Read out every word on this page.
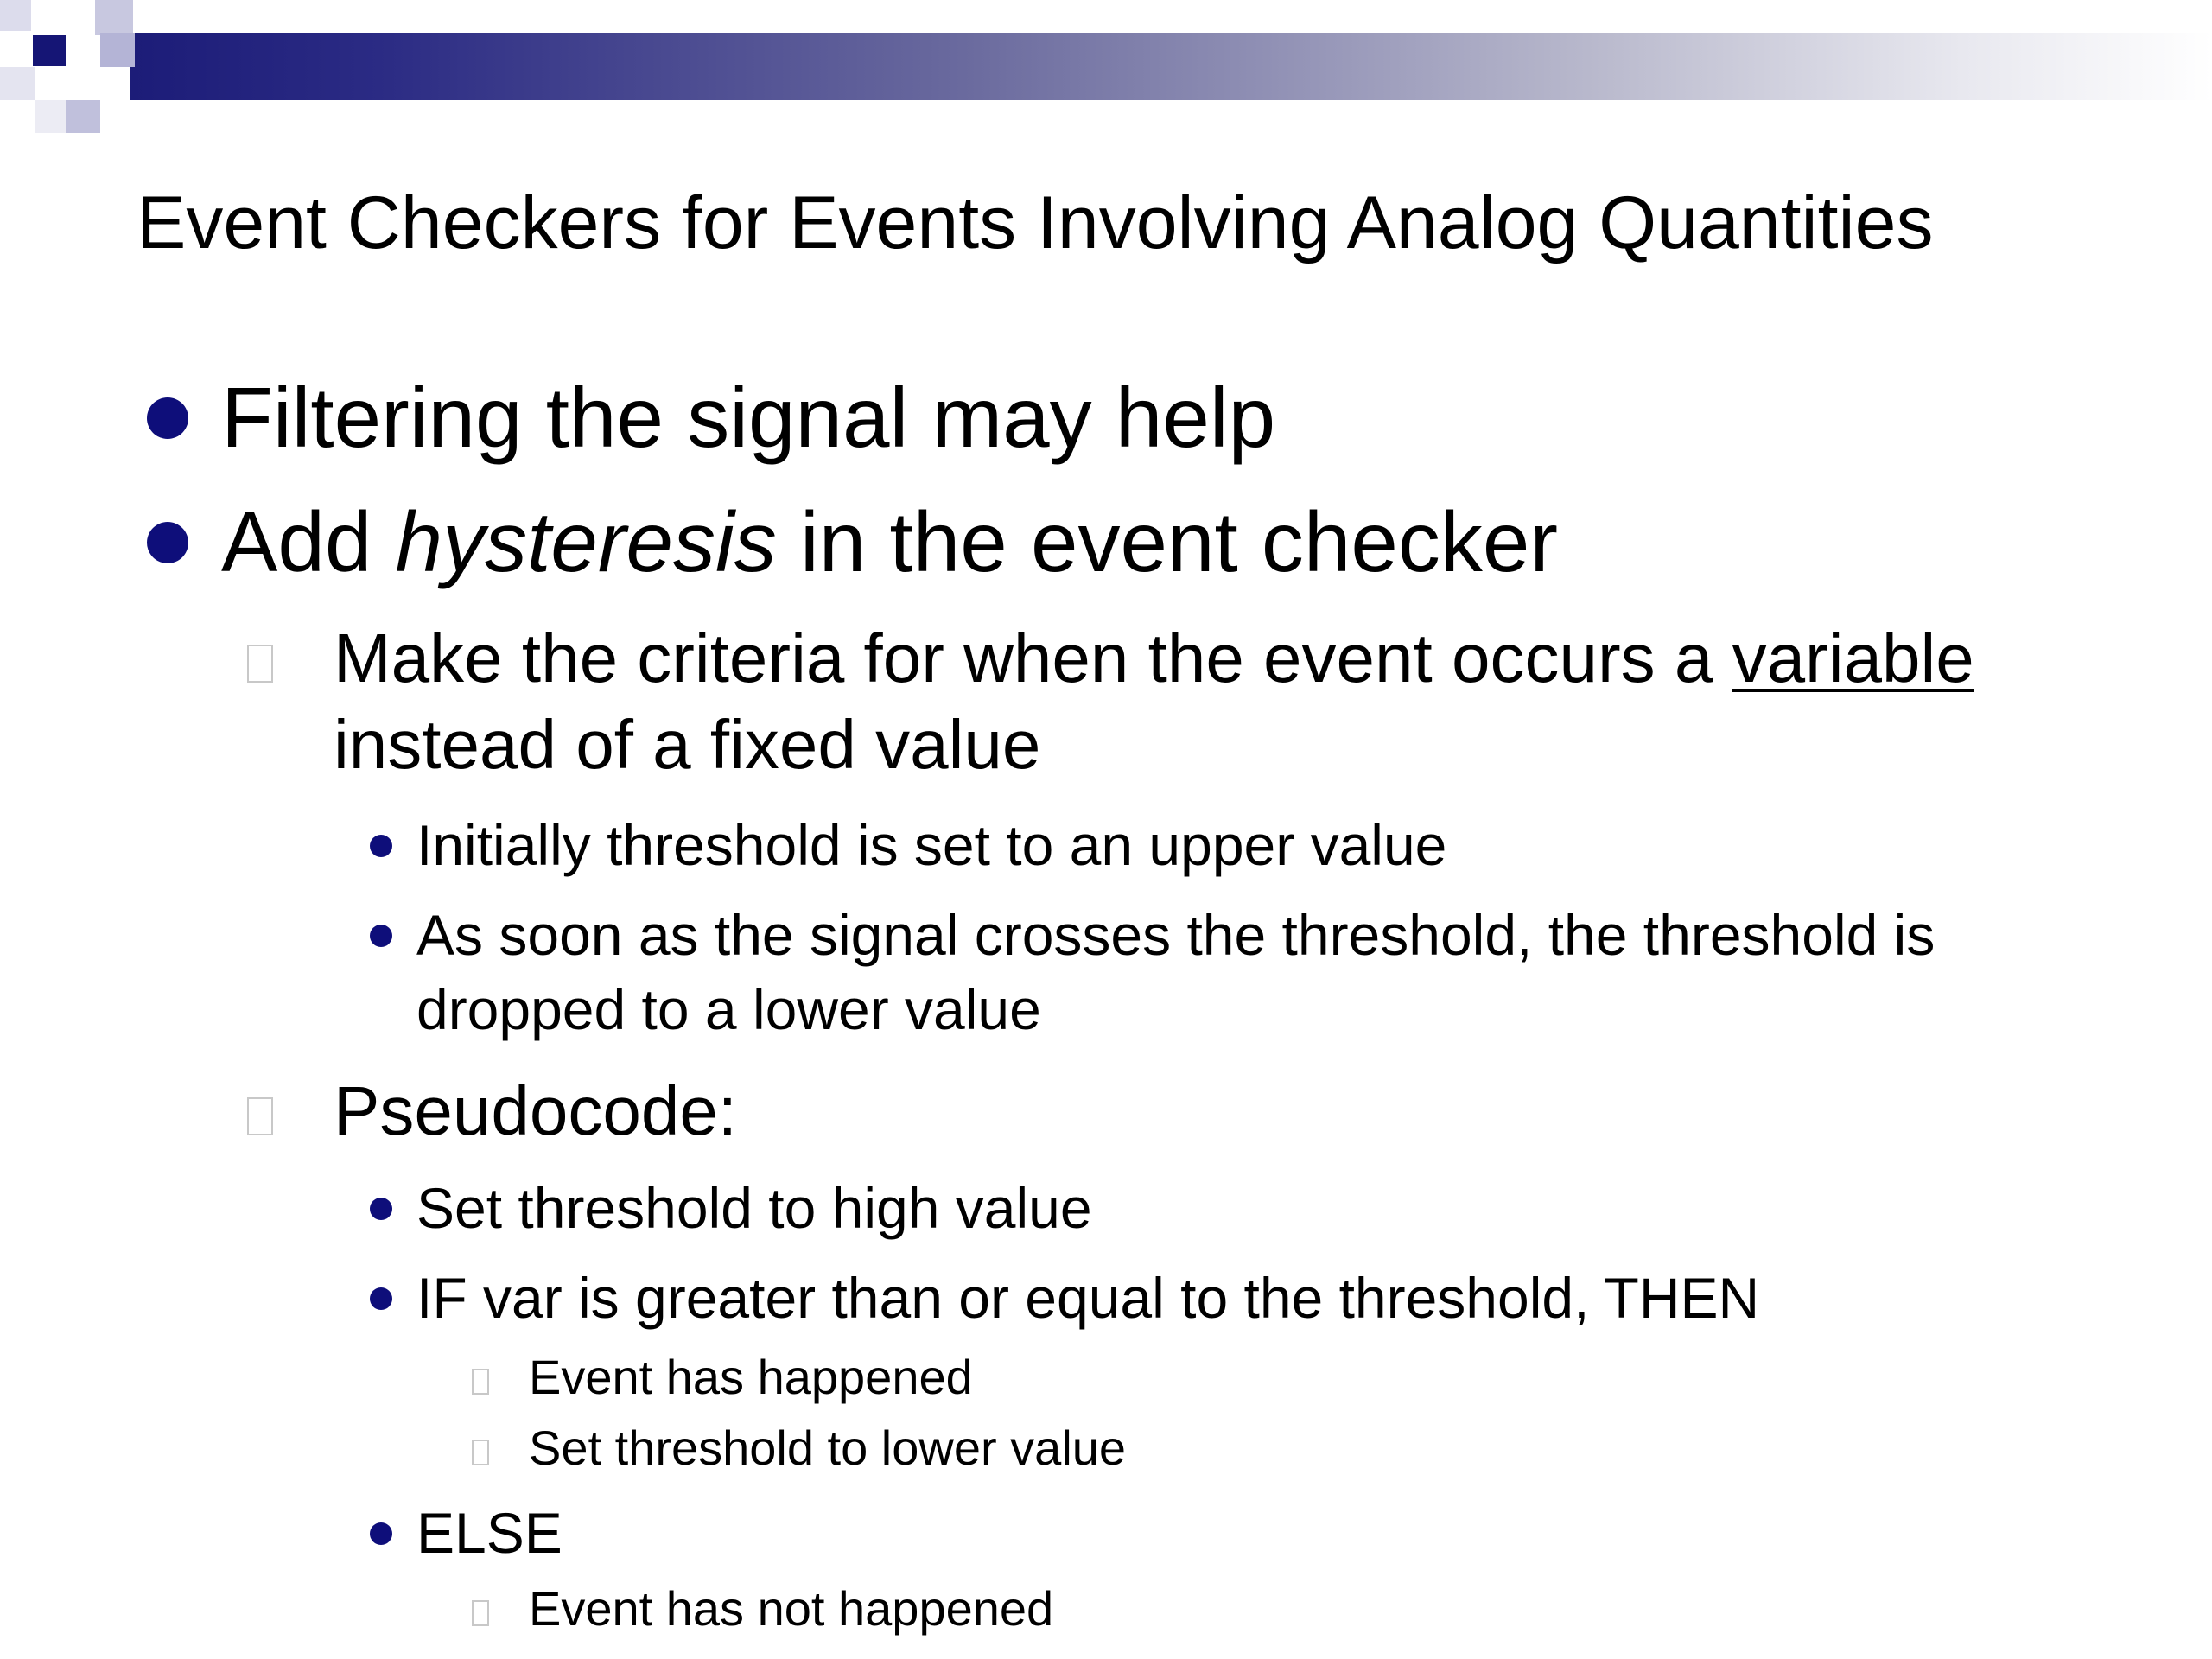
Event Checkers for Events Involving Analog Quantities

Filtering the signal may help

Add hysteresis in the event checker

Make the criteria for when the event occurs a variable

instead of a fixed value

Initially threshold is set to an upper value

As soon as the signal crosses the threshold, the threshold is

dropped to a lower value

Pseudocode:

Set threshold to high value

IF var is greater than or equal to the threshold, THEN

Event has happened

Set threshold to lower value

ELSE

Event has not happened
